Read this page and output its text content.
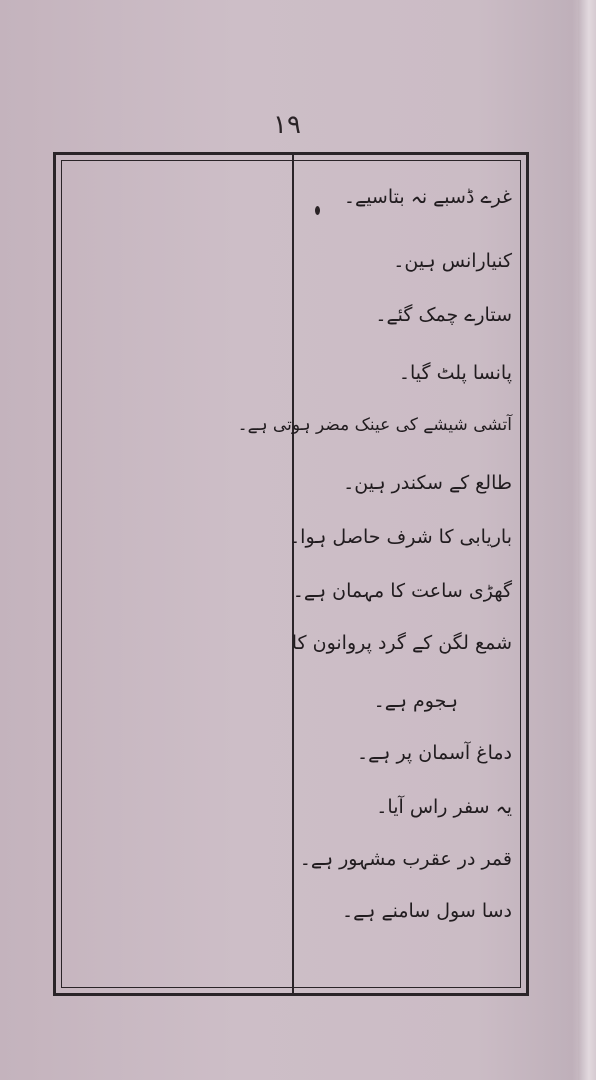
۱۹
غرے ڈسبے نہ بتاسیے۔
کنیارانس ہین۔
ستارے چمک گئے۔
پانسا پلٹ گیا۔
آتشی شیشے کی عینک مضر ہوتی ہے۔
طالع کے سکندر ہین۔
باریابی کا شرف حاصل ہوا۔
گھڑی ساعت کا مہمان ہے۔
شمع لگن کے گرد پروانون کا
ہجوم ہے۔
دماغ آسمان پر ہے۔
یہ سفر راس آیا۔
قمر در عقرب مشہور ہے۔
دسا سول سامنے ہے۔
